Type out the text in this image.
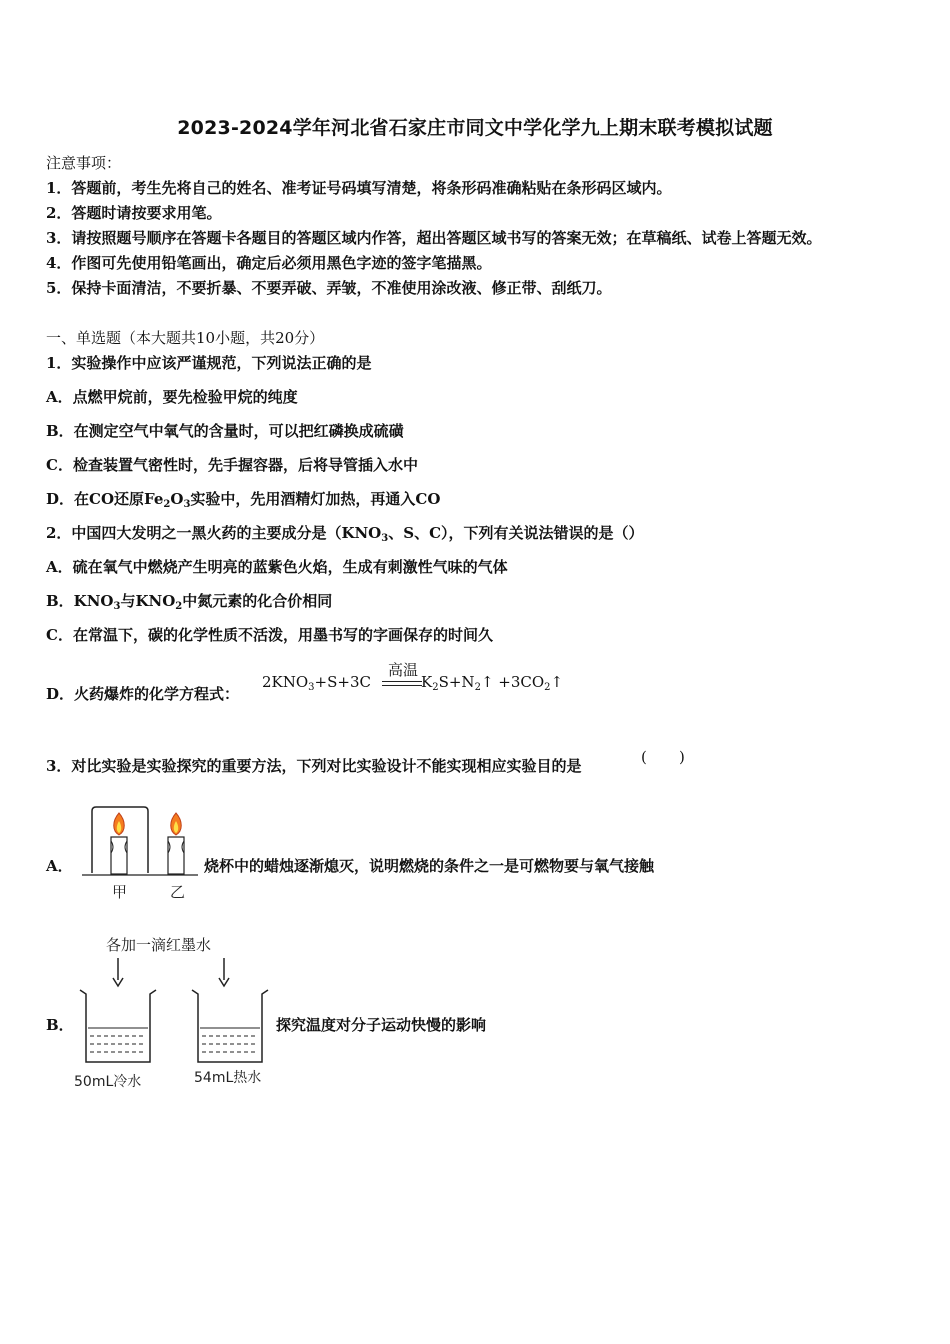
2023-2024学年河北省石家庄市同文中学化学九上期末联考模拟试题
注意事项：
1．答题前，考生先将自己的姓名、准考证号码填写清楚，将条形码准确粘贴在条形码区域内。
2．答题时请按要求用笔。
3．请按照题号顺序在答题卡各题目的答题区域内作答，超出答题区域书写的答案无效；在草稿纸、试卷上答题无效。
4．作图可先使用铅笔画出，确定后必须用黑色字迹的签字笔描黑。
5．保持卡面清洁，不要折暴、不要弄破、弄皱，不准使用涂改液、修正带、刮纸刀。
一、单选题（本大题共10小题，共20分）
1．实验操作中应该严谨规范，下列说法正确的是
A．点燃甲烷前，要先检验甲烷的纯度
B．在测定空气中氧气的含量时，可以把红磷换成硫磺
C．检查装置气密性时，先手握容器，后将导管插入水中
D．在CO还原$Fe_2O_3$实验中，先用酒精灯加热，再通入CO
2．中国四大发明之一黑火药的主要成分是（$KNO_3$、S、C），下列有关说法错误的是（）
A．硫在氧气中燃烧产生明亮的蓝紫色火焰，生成有刺激性气味的气体
B．$KNO_3$与$KNO_2$中氮元素的化合价相同
C．在常温下，碳的化学性质不活泼，用墨书写的字画保存的时间久
D．火药爆炸的化学方程式：
$2KNO_3+S+3C$	$K_2S+N_2↑$ $+3CO_2↑$
高温
3．对比实验是实验探究的重要方法，下列对比实验设计不能实现相应实验目的是	( )
A．	烧杯中的蜡烛逐渐熄灭，说明燃烧的条件之一是可燃物要与氧气接触
甲	乙
B．	探究温度对分子运动快慢的影响
各加一滴红墨水
50mL冷水	54mL热水
